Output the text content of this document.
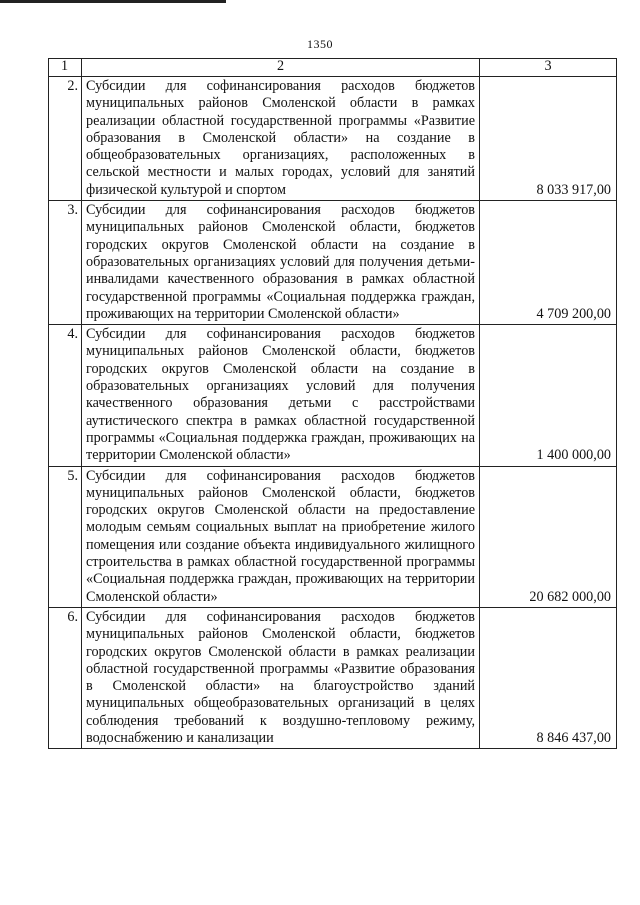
1350
1	2	3
2.	Субсидии для софинансирования расходов бюджетов муниципальных районов Смоленской области в рамках реализации областной государственной программы «Развитие образования в Смоленской области» на создание в общеобразовательных организациях, расположенных в сельской местности и малых городах, условий для занятий физической культурой и спортом	8 033 917,00
3.	Субсидии для софинансирования расходов бюджетов муниципальных районов Смоленской области, бюджетов городских округов Смоленской области на создание в образовательных организациях условий для получения детьми-инвалидами качественного образования в рамках областной государственной программы «Социальная поддержка граждан, проживающих на территории Смоленской области»	4 709 200,00
4.	Субсидии для софинансирования расходов бюджетов муниципальных районов Смоленской области, бюджетов городских округов Смоленской области на создание в образовательных организациях условий для получения качественного образования детьми с расстройствами аутистического спектра в рамках областной государственной программы «Социальная поддержка граждан, проживающих на территории Смоленской области»	1 400 000,00
5.	Субсидии для софинансирования расходов бюджетов муниципальных районов Смоленской области, бюджетов городских округов Смоленской области на предоставление молодым семьям социальных выплат на приобретение жилого помещения или создание объекта индивидуального жилищного строительства в рамках областной государственной программы «Социальная поддержка граждан, проживающих на территории Смоленской области»	20 682 000,00
6.	Субсидии для софинансирования расходов бюджетов муниципальных районов Смоленской области, бюджетов городских округов Смоленской области в рамках реализации областной государственной программы «Развитие образования в Смоленской области» на благоустройство зданий муниципальных общеобразовательных организаций в целях соблюдения требований к воздушно-тепловому режиму, водоснабжению и канализации	8 846 437,00
